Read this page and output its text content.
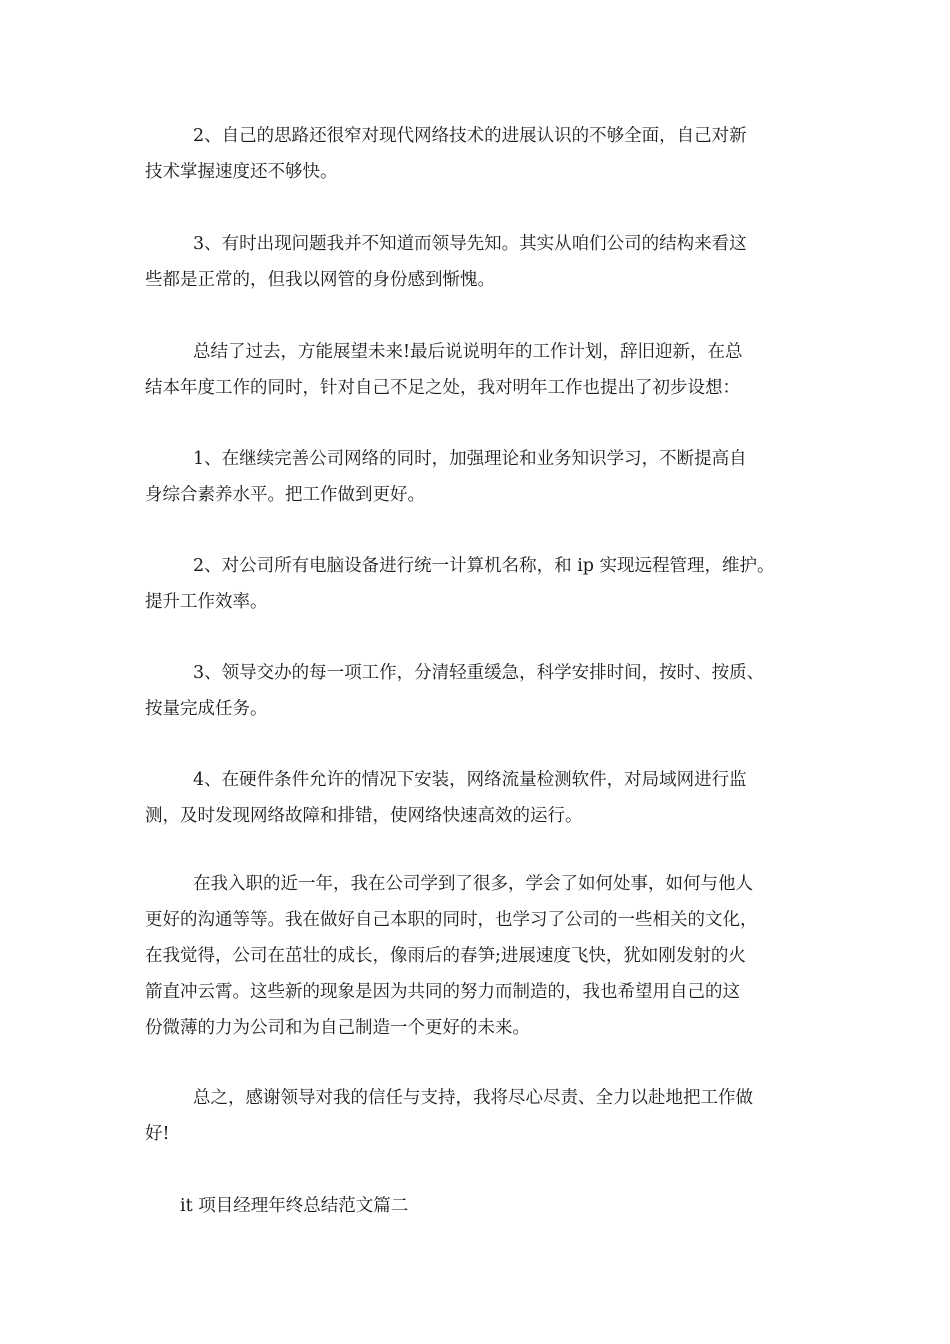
2、自己的思路还很窄对现代网络技术的进展认识的不够全面，自己对新
技术掌握速度还不够快。

3、有时出现问题我并不知道而领导先知。其实从咱们公司的结构来看这
些都是正常的，但我以网管的身份感到惭愧。

总结了过去，方能展望未来!最后说说明年的工作计划，辞旧迎新，在总
结本年度工作的同时，针对自己不足之处，我对明年工作也提出了初步设想：

1、在继续完善公司网络的同时，加强理论和业务知识学习，不断提高自
身综合素养水平。把工作做到更好。

2、对公司所有电脑设备进行统一计算机名称，和 ip 实现远程管理，维护。
提升工作效率。

3、领导交办的每一项工作，分清轻重缓急，科学安排时间，按时、按质、
按量完成任务。

4、在硬件条件允许的情况下安装，网络流量检测软件，对局域网进行监
测，及时发现网络故障和排错，使网络快速高效的运行。

在我入职的近一年，我在公司学到了很多，学会了如何处事，如何与他人
更好的沟通等等。我在做好自己本职的同时，也学习了公司的一些相关的文化，
在我觉得，公司在茁壮的成长，像雨后的春笋;进展速度飞快，犹如刚发射的火
箭直冲云霄。这些新的现象是因为共同的努力而制造的，我也希望用自己的这
份微薄的力为公司和为自己制造一个更好的未来。

总之，感谢领导对我的信任与支持，我将尽心尽责、全力以赴地把工作做
好!

it 项目经理年终总结范文篇二
